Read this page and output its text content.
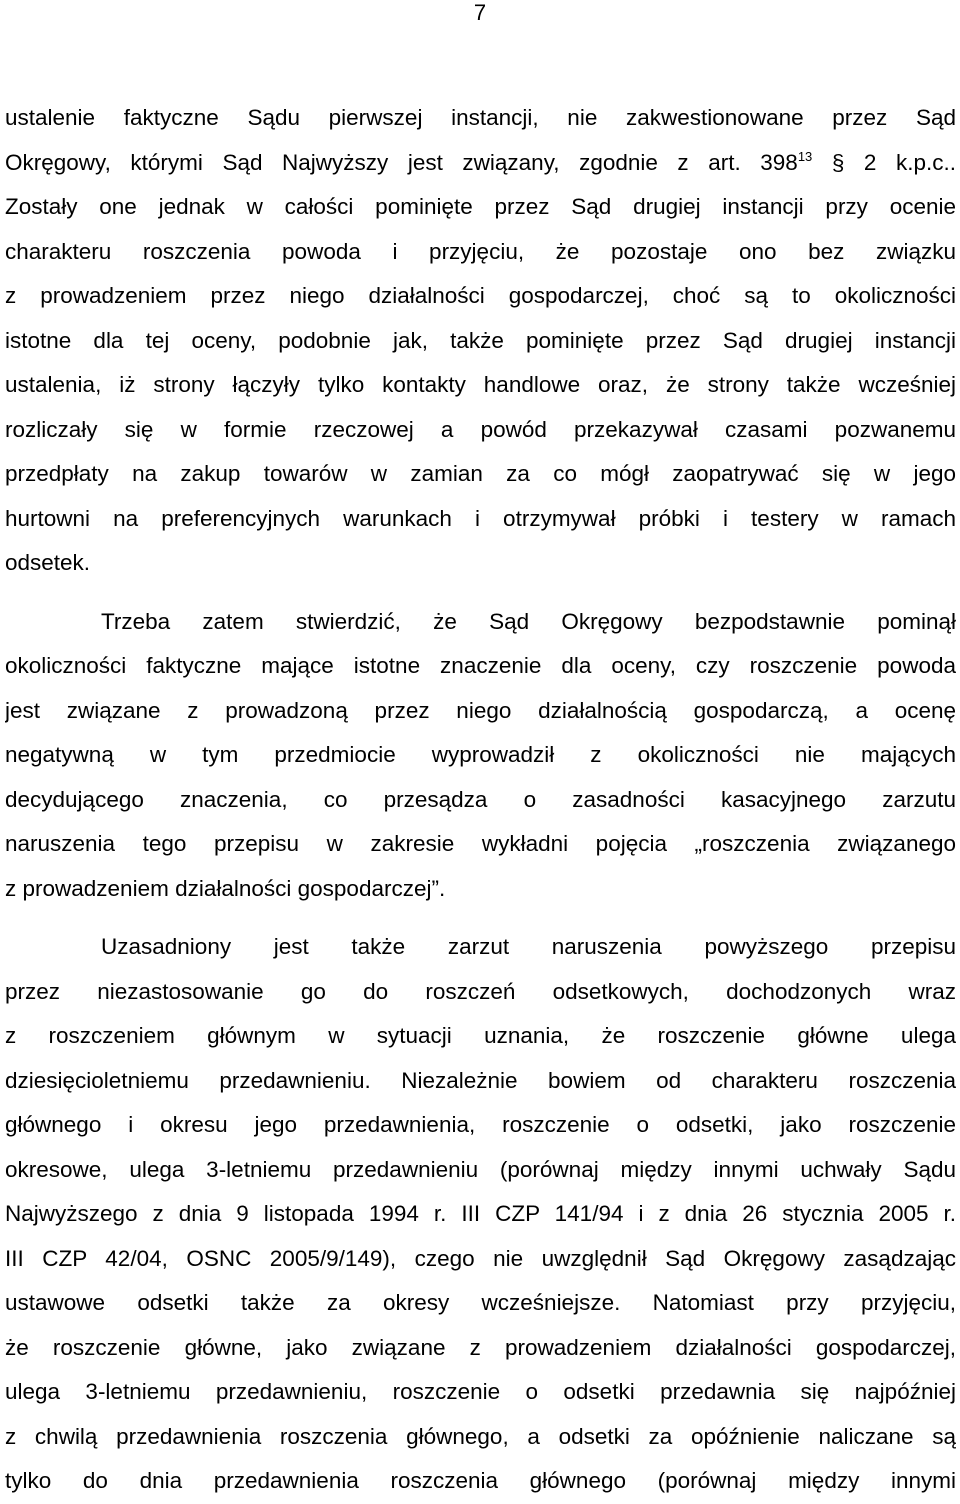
7
ustalenie faktyczne Sądu pierwszej instancji, nie zakwestionowane przez Sąd
Okręgowy, którymi Sąd Najwyższy jest związany, zgodnie z art. $398^{13}$ § 2 k.p.c..
Zostały one jednak w całości pominięte przez Sąd drugiej instancji przy ocenie
charakteru roszczenia powoda i przyjęciu, że pozostaje ono bez związku
z prowadzeniem przez niego działalności gospodarczej, choć są to okoliczności
istotne dla tej oceny, podobnie jak, także pominięte przez Sąd drugiej instancji
ustalenia, iż strony łączyły tylko kontakty handlowe oraz, że strony także wcześniej
rozliczały się w formie rzeczowej a powód przekazywał czasami pozwanemu
przedpłaty na zakup towarów w zamian za co mógł zaopatrywać się w jego
hurtowni na preferencyjnych warunkach i otrzymywał próbki i testery w ramach
odsetek.
Trzeba zatem stwierdzić, że Sąd Okręgowy bezpodstawnie pominął
okoliczności faktyczne mające istotne znaczenie dla oceny, czy roszczenie powoda
jest związane z prowadzoną przez niego działalnością gospodarczą, a ocenę
negatywną w tym przedmiocie wyprowadził z okoliczności nie mających
decydującego znaczenia, co przesądza o zasadności kasacyjnego zarzutu
naruszenia tego przepisu w zakresie wykładni pojęcia „roszczenia związanego
z prowadzeniem działalności gospodarczej”.
Uzasadniony jest także zarzut naruszenia powyższego przepisu
przez niezastosowanie go do roszczeń odsetkowych, dochodzonych wraz
z roszczeniem głównym w sytuacji uznania, że roszczenie główne ulega
dziesięcioletniemu przedawnieniu. Niezależnie bowiem od charakteru roszczenia
głównego i okresu jego przedawnienia, roszczenie o odsetki, jako roszczenie
okresowe, ulega 3-letniemu przedawnieniu (porównaj między innymi uchwały Sądu
Najwyższego z dnia 9 listopada 1994 r. III CZP 141/94 i z dnia 26 stycznia 2005 r.
III CZP 42/04, OSNC 2005/9/149), czego nie uwzględnił Sąd Okręgowy zasądzając
ustawowe odsetki także za okresy wcześniejsze. Natomiast przy przyjęciu,
że roszczenie główne, jako związane z prowadzeniem działalności gospodarczej,
ulega 3-letniemu przedawnieniu, roszczenie o odsetki przedawnia się najpóźniej
z chwilą przedawnienia roszczenia głównego, a odsetki za opóźnienie naliczane są
tylko do dnia przedawnienia roszczenia głównego (porównaj między innymi
